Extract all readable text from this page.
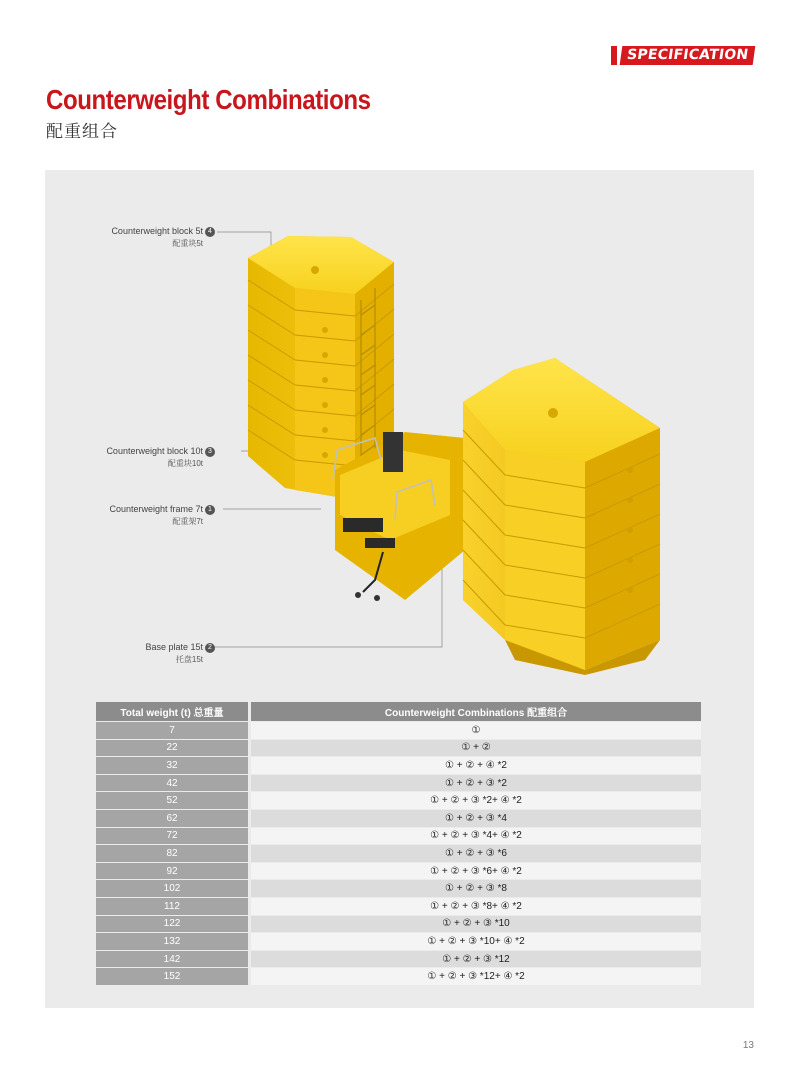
SPECIFICATION
Counterweight Combinations
配重组合
Counterweight block 5t 4
配重块5t
Counterweight block 10t 3
配重块10t
Counterweight frame 7t 1
配重架7t
Base plate 15t 2
托盘15t
Total weight (t) 总重量		Counterweight Combinations 配重组合
7		①
22		① + ②
32		① + ② + ④ *2
42		① + ② + ③ *2
52		① + ② + ③ *2+ ④ *2
62		① + ② + ③ *4
72		① + ② + ③ *4+ ④ *2
82		① + ② + ③ *6
92		① + ② + ③ *6+ ④ *2
102		① + ② + ③ *8
112		① + ② + ③ *8+ ④ *2
122		① + ② + ③ *10
132		① + ② + ③ *10+ ④ *2
142		① + ② + ③ *12
152		① + ② + ③ *12+ ④ *2
13
